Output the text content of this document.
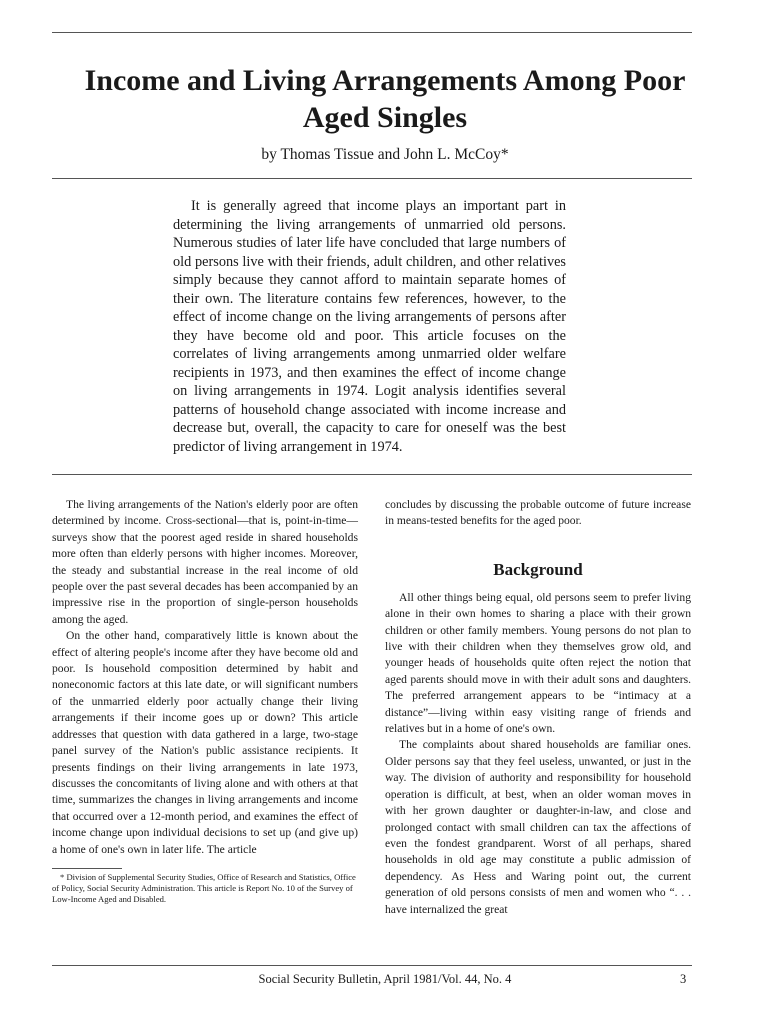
Income and Living Arrangements Among Poor Aged Singles
by Thomas Tissue and John L. McCoy*

It is generally agreed that income plays an important part in determining the living arrangements of unmarried old persons. Numerous studies of later life have concluded that large numbers of old persons live with their friends, adult children, and other relatives simply because they cannot afford to maintain separate homes of their own. The literature contains few references, however, to the effect of income change on the living arrangements of persons after they have become old and poor. This article focuses on the correlates of living arrangements among unmarried older welfare recipients in 1973, and then examines the effect of income change on living arrangements in 1974. Logit analysis identifies several patterns of household change associated with income increase and decrease but, overall, the capacity to care for oneself was the best predictor of living arrangement in 1974.

The living arrangements of the Nation's elderly poor are often determined by income. Cross-sectional—that is, point-in-time—surveys show that the poorest aged reside in shared households more often than elderly persons with higher incomes. Moreover, the steady and substantial increase in the real income of old people over the past several decades has been accompanied by an impressive rise in the proportion of single-person households among the aged.

On the other hand, comparatively little is known about the effect of altering people's income after they have become old and poor. Is household composition determined by habit and noneconomic factors at this late date, or will significant numbers of the unmarried elderly poor actually change their living arrangements if their income goes up or down? This article addresses that question with data gathered in a large, two-stage panel survey of the Nation's public assistance recipients. It presents findings on their living arrangements in late 1973, discusses the concomitants of living alone and with others at that time, summarizes the changes in living arrangements and income that occurred over a 12-month period, and examines the effect of income change upon individual decisions to set up (and give up) a home of one's own in later life. The article

* Division of Supplemental Security Studies, Office of Research and Statistics, Office of Policy, Social Security Administration. This article is Report No. 10 of the Survey of Low-Income Aged and Disabled.

concludes by discussing the probable outcome of future increase in means-tested benefits for the aged poor.

Background

All other things being equal, old persons seem to prefer living alone in their own homes to sharing a place with their grown children or other family members. Young persons do not plan to live with their children when they themselves grow old, and younger heads of households quite often reject the notion that aged parents should move in with their adult sons and daughters. The preferred arrangement appears to be “intimacy at a distance”—living within easy visiting range of friends and relatives but in a home of one's own.

The complaints about shared households are familiar ones. Older persons say that they feel useless, unwanted, or just in the way. The division of authority and responsibility for household operation is difficult, at best, when an older woman moves in with her grown daughter or daughter-in-law, and close and prolonged contact with small children can tax the affections of even the fondest grandparent. Worst of all perhaps, shared households in old age may constitute a public admission of dependency. As Hess and Waring point out, the current generation of old persons consists of men and women who “. . . have internalized the great

Social Security Bulletin, April 1981/Vol. 44, No. 4	3
